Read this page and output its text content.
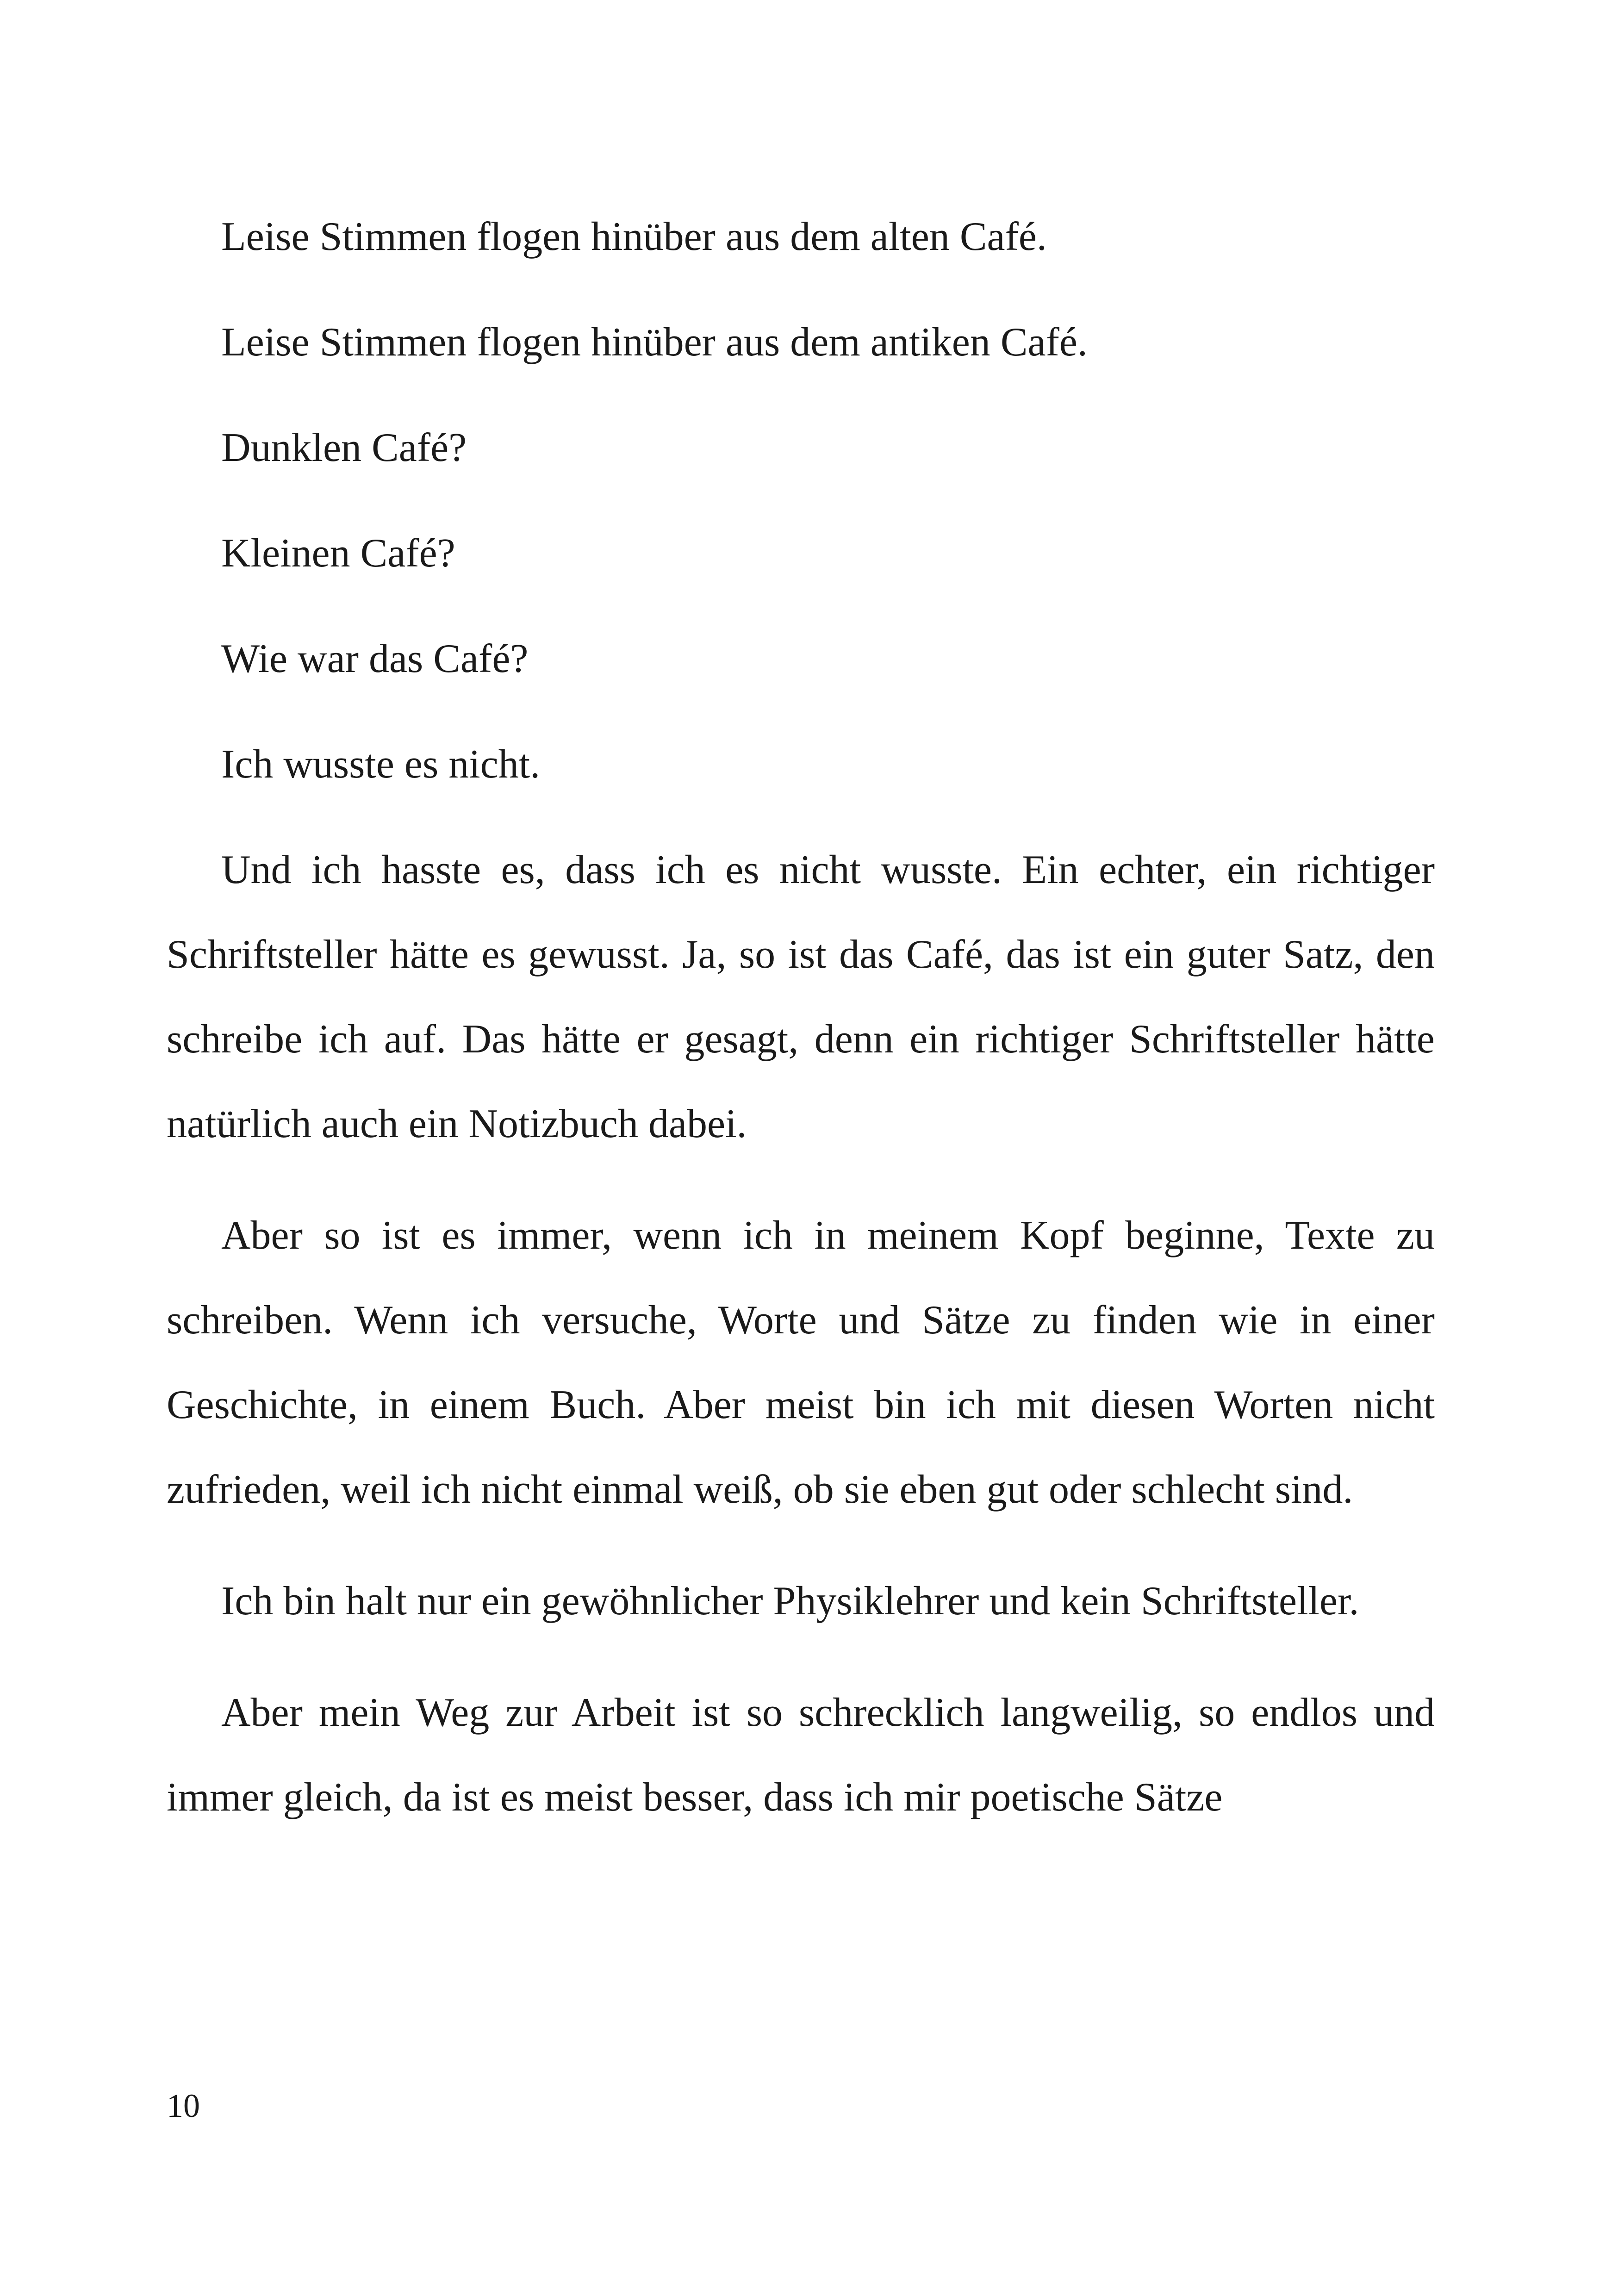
Leise Stimmen flogen hinüber aus dem alten Café.

Leise Stimmen flogen hinüber aus dem antiken Café.

Dunklen Café?

Kleinen Café?

Wie war das Café?

Ich wusste es nicht.

Und ich hasste es, dass ich es nicht wusste. Ein echter, ein richtiger Schriftsteller hätte es gewusst. Ja, so ist das Café, das ist ein guter Satz, den schreibe ich auf. Das hätte er gesagt, denn ein richtiger Schriftsteller hätte natürlich auch ein Notizbuch dabei.

Aber so ist es immer, wenn ich in meinem Kopf beginne, Texte zu schreiben. Wenn ich versuche, Worte und Sätze zu finden wie in einer Geschichte, in einem Buch. Aber meist bin ich mit diesen Worten nicht zufrieden, weil ich nicht einmal weiß, ob sie eben gut oder schlecht sind.

Ich bin halt nur ein gewöhnlicher Physiklehrer und kein Schriftsteller.

Aber mein Weg zur Arbeit ist so schrecklich langweilig, so endlos und immer gleich, da ist es meist besser, dass ich mir poetische Sätze

10
